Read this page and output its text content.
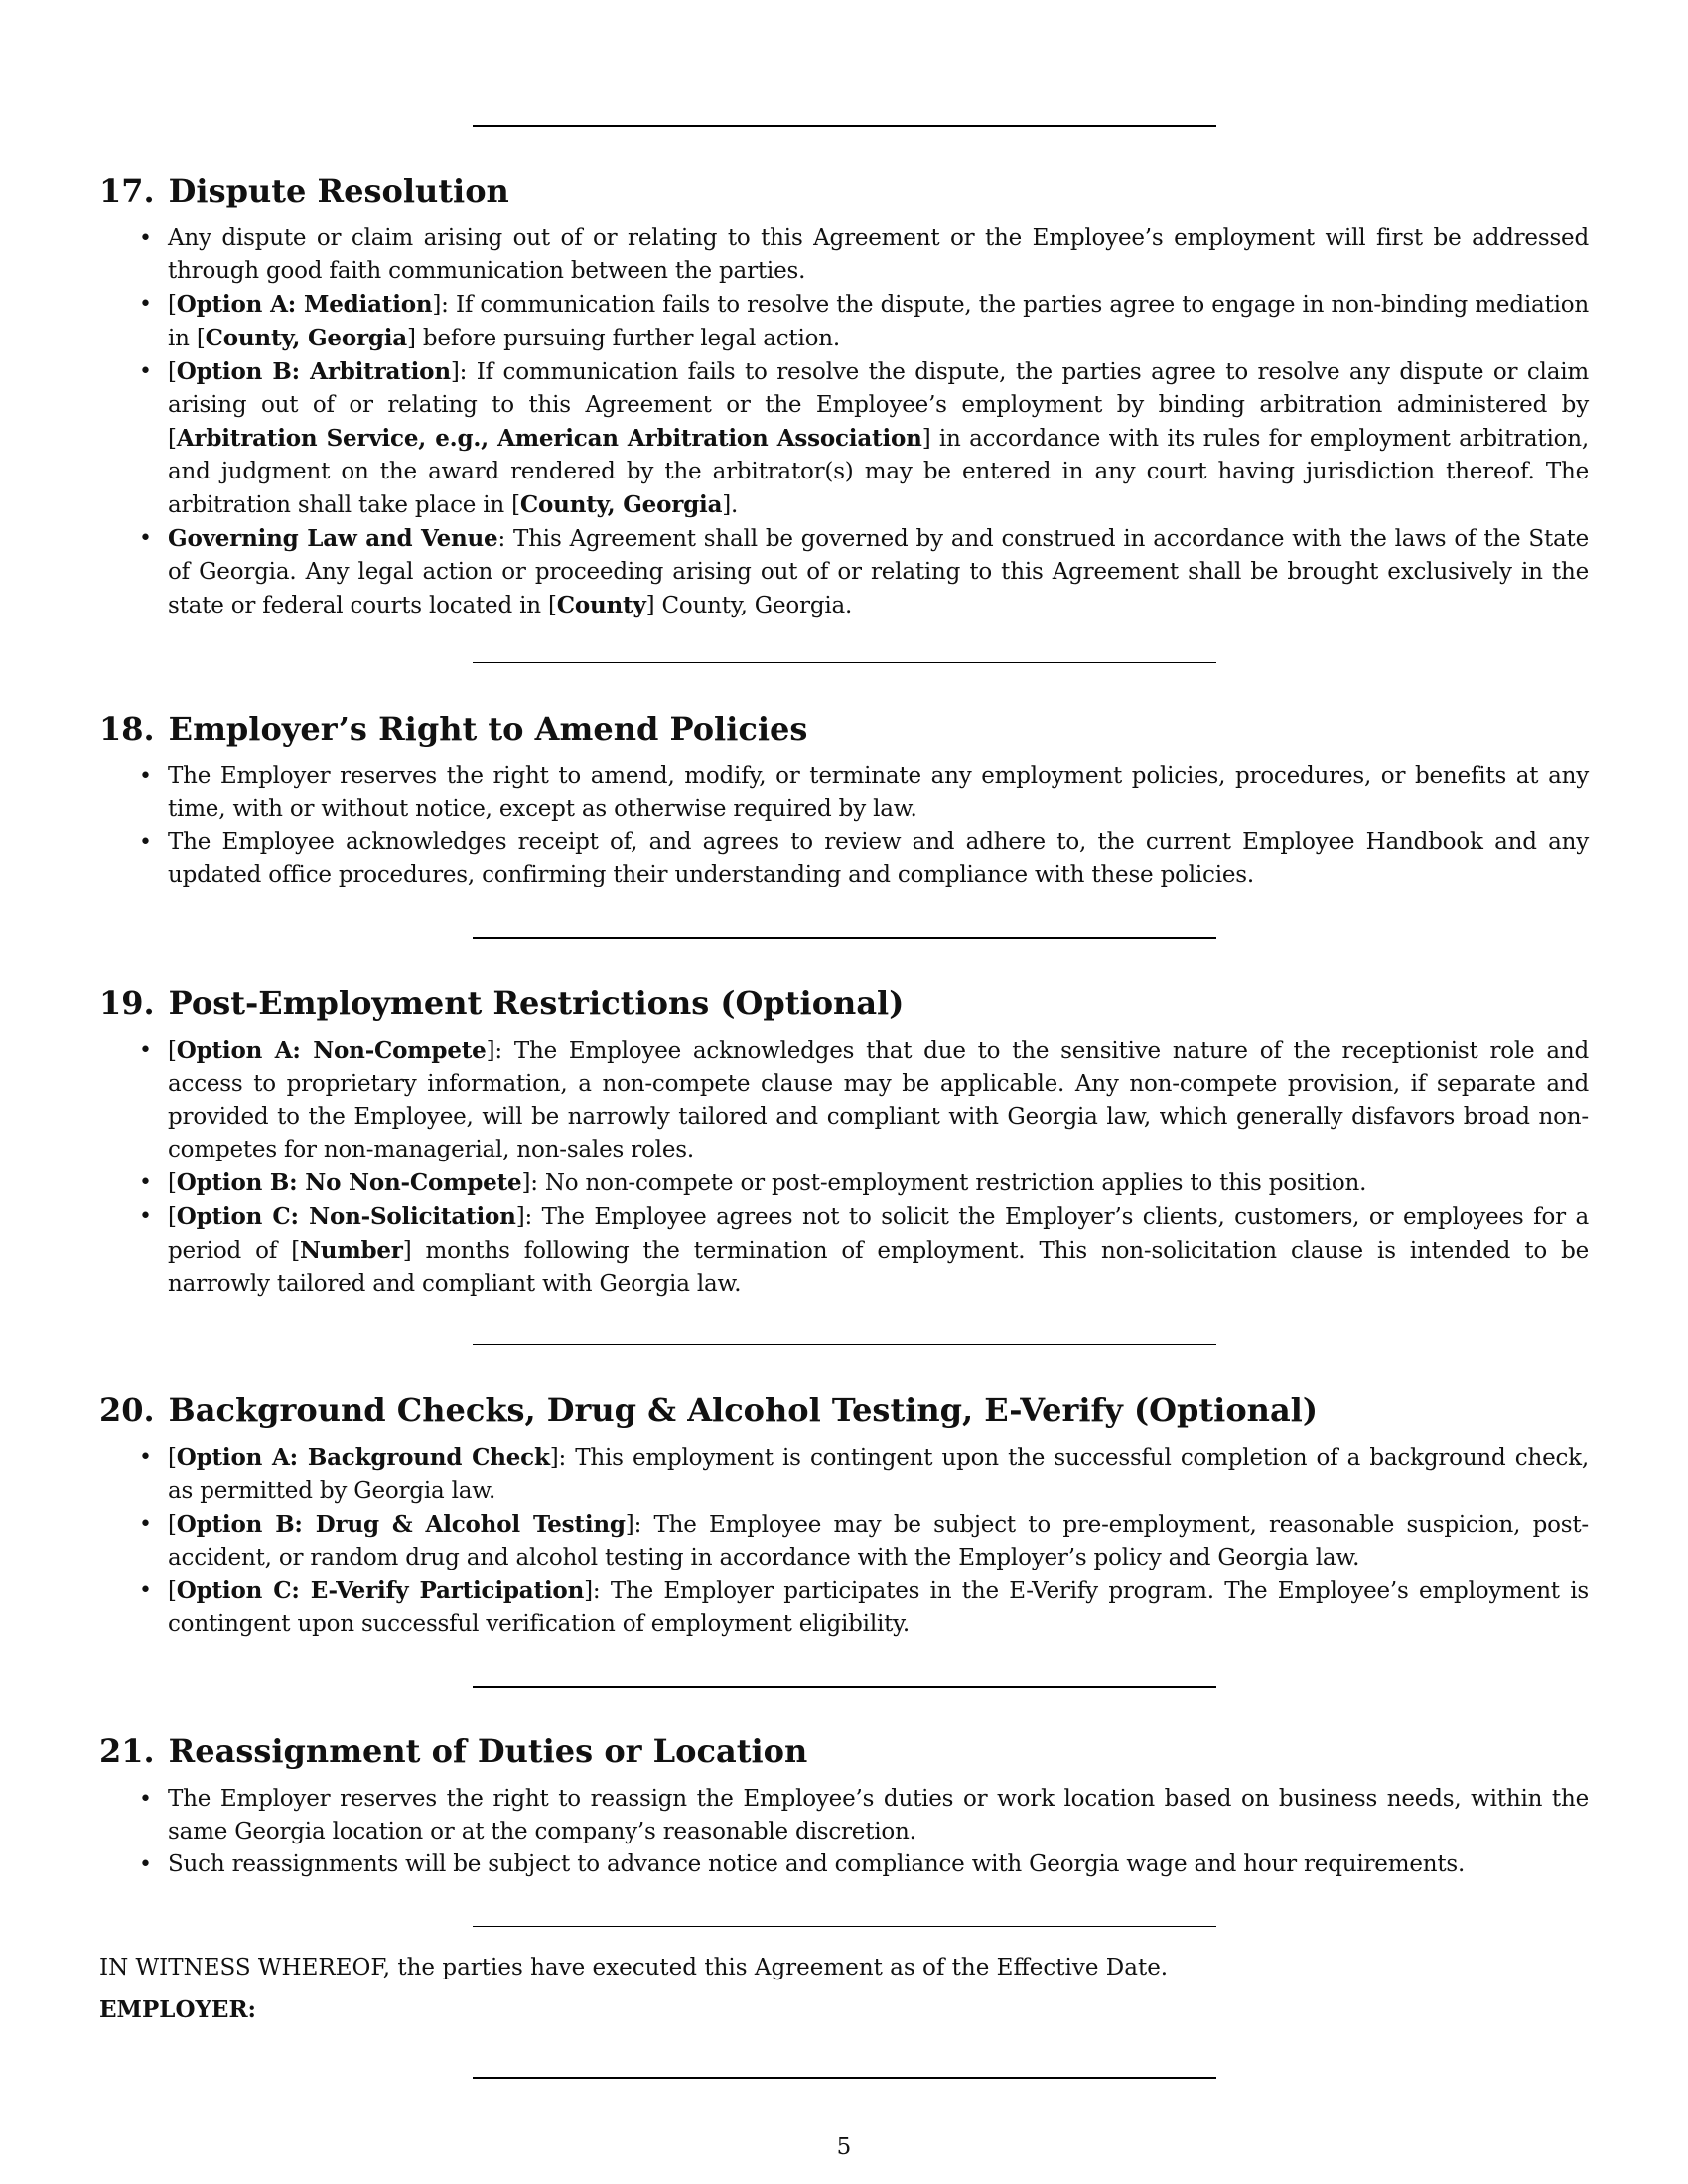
17. Dispute Resolution
• Any dispute or claim arising out of or relating to this Agreement or the Employee’s employment will first be addressed through good faith communication between the parties.
• [Option A: Mediation]: If communication fails to resolve the dispute, the parties agree to engage in non-binding mediation in [County, Georgia] before pursuing further legal action.
• [Option B: Arbitration]: If communication fails to resolve the dispute, the parties agree to resolve any dispute or claim arising out of or relating to this Agreement or the Employee’s employment by binding arbitration administered by [Arbitration Service, e.g., American Arbitration Association] in accordance with its rules for employment arbitration, and judgment on the award rendered by the arbitrator(s) may be entered in any court having jurisdiction thereof. The arbitration shall take place in [County, Georgia].
• Governing Law and Venue: This Agreement shall be governed by and construed in accordance with the laws of the State of Georgia. Any legal action or proceeding arising out of or relating to this Agreement shall be brought exclusively in the state or federal courts located in [County] County, Georgia.
18. Employer’s Right to Amend Policies
• The Employer reserves the right to amend, modify, or terminate any employment policies, procedures, or benefits at any time, with or without notice, except as otherwise required by law.
• The Employee acknowledges receipt of, and agrees to review and adhere to, the current Employee Handbook and any updated office procedures, confirming their understanding and compliance with these policies.
19. Post-Employment Restrictions (Optional)
• [Option A: Non-Compete]: The Employee acknowledges that due to the sensitive nature of the receptionist role and access to proprietary information, a non-compete clause may be applicable. Any non-compete provision, if separate and provided to the Employee, will be narrowly tailored and compliant with Georgia law, which generally disfavors broad non-competes for non-managerial, non-sales roles.
• [Option B: No Non-Compete]: No non-compete or post-employment restriction applies to this position.
• [Option C: Non-Solicitation]: The Employee agrees not to solicit the Employer’s clients, customers, or employees for a period of [Number] months following the termination of employment. This non-solicitation clause is intended to be narrowly tailored and compliant with Georgia law.
20. Background Checks, Drug & Alcohol Testing, E-Verify (Optional)
• [Option A: Background Check]: This employment is contingent upon the successful completion of a background check, as permitted by Georgia law.
• [Option B: Drug & Alcohol Testing]: The Employee may be subject to pre-employment, reasonable suspicion, post-accident, or random drug and alcohol testing in accordance with the Employer’s policy and Georgia law.
• [Option C: E-Verify Participation]: The Employer participates in the E-Verify program. The Employee’s employment is contingent upon successful verification of employment eligibility.
21. Reassignment of Duties or Location
• The Employer reserves the right to reassign the Employee’s duties or work location based on business needs, within the same Georgia location or at the company’s reasonable discretion.
• Such reassignments will be subject to advance notice and compliance with Georgia wage and hour requirements.
IN WITNESS WHEREOF, the parties have executed this Agreement as of the Effective Date.
EMPLOYER:
5
